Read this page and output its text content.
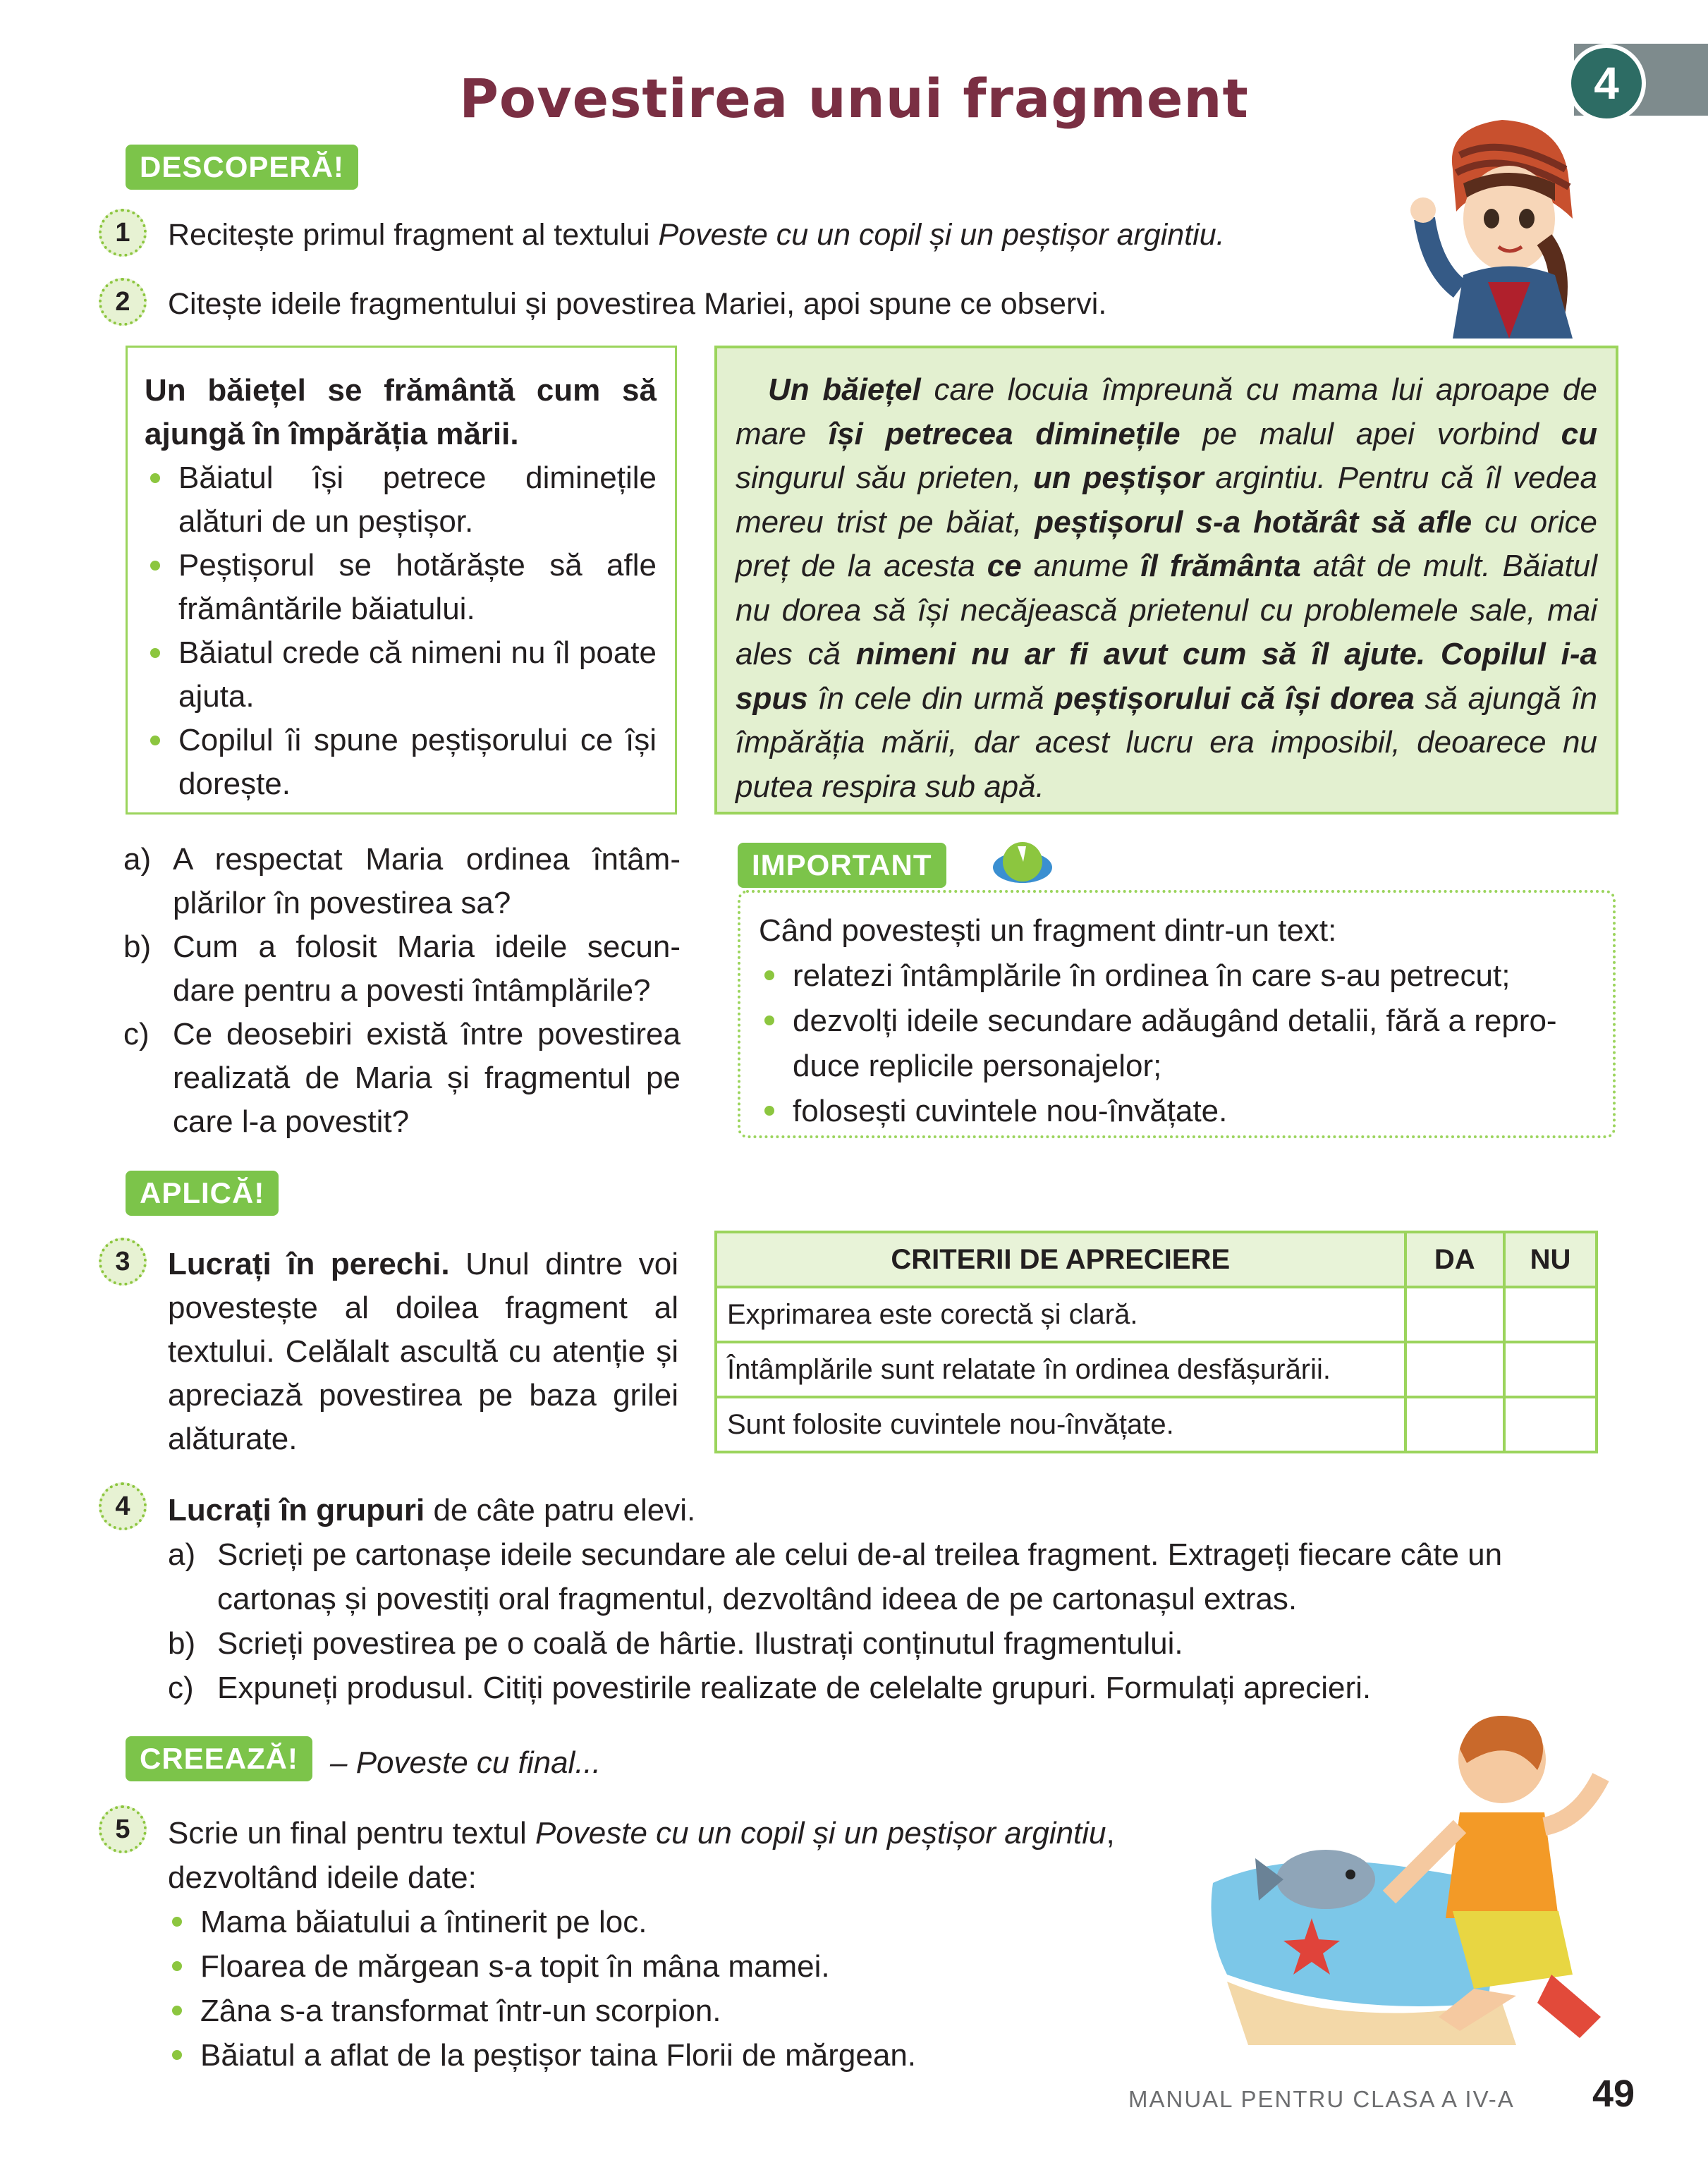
Povestirea unui fragment	4
DESCOPERĂ!
1	Recitește primul fragment al textului Poveste cu un copil și un peștișor argintiu.
2	Citește ideile fragmentului și povestirea Mariei, apoi spune ce observi.
Un băiețel se frământă cum să ajungă în împărăția mării.
Băiatul își petrece diminețile alături de un peștișor.
Peștișorul se hotărăște să afle frământările băiatului.
Băiatul crede că nimeni nu îl poate ajuta.
Copilul îi spune peștișorului ce își dorește.
Un băiețel care locuia împreună cu mama lui aproape de mare își petrecea diminețile pe malul apei vorbind cu singurul său prieten, un peștișor argintiu. Pentru că îl vedea mereu trist pe băiat, peștișorul s-a hotărât să afle cu orice preț de la acesta ce anume îl frământa atât de mult. Băiatul nu dorea să își necăjească prietenul cu problemele sale, mai ales că nimeni nu ar fi avut cum să îl ajute. Copilul i-a spus în cele din urmă peștișorului că își dorea să ajungă în împărăția mării, dar acest lucru era imposibil, deoarece nu putea respira sub apă.
a) A respectat Maria ordinea întâm-plărilor în povestirea sa?
b) Cum a folosit Maria ideile secun-dare pentru a povesti întâmplările?
c) Ce deosebiri există între povestirea realizată de Maria și fragmentul pe care l-a povestit?
Când povestești un fragment dintr-un text:
relatezi întâmplările în ordinea în care s-au petrecut;
dezvolți ideile secundare adăugând detalii, fără a repro-duce replicile personajelor;
folosești cuvintele nou-învățate.
IMPORTANT
APLICĂ!
3	Lucrați în perechi. Unul dintre voi povestește al doilea fragment al textului. Celălalt ascultă cu atenție și apreciază povestirea pe baza grilei alăturate.
CRITERII DE APRECIERE	DA	NU
Exprimarea este corectă și clară.		
Întâmplările sunt relatate în ordinea desfășurării.		
Sunt folosite cuvintele nou-învățate.		
4	Lucrați în grupuri de câte patru elevi.
a) Scrieți pe cartonașe ideile secundare ale celui de-al treilea fragment. Extrageți fiecare câte un cartonaș și povestiți oral fragmentul, dezvoltând ideea de pe cartonașul extras.
b) Scrieți povestirea pe o coală de hârtie. Ilustrați conținutul fragmentului.
c) Expuneți produsul. Citiți povestirile realizate de celelalte grupuri. Formulați aprecieri.
CREEAZĂ!	– Poveste cu final...
5	Scrie un final pentru textul Poveste cu un copil și un peștișor argintiu,
dezvoltând ideile date:
Mama băiatului a întinerit pe loc.
Floarea de mărgean s-a topit în mâna mamei.
Zâna s-a transformat într-un scorpion.
Băiatul a aflat de la peștișor taina Florii de mărgean.
MANUAL PENTRU CLASA A IV-A 49
